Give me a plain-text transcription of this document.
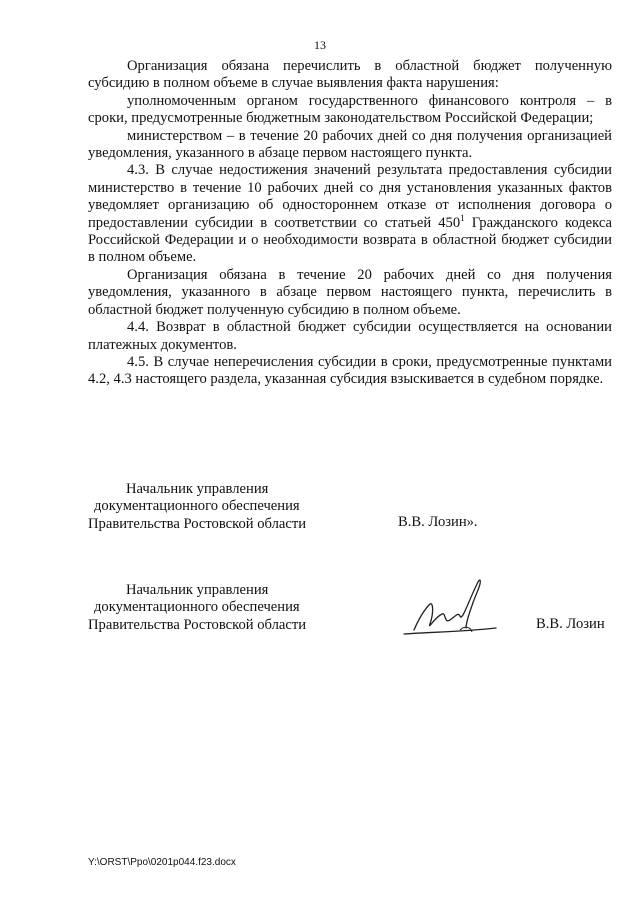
13

Организация обязана перечислить в областной бюджет полученную субсидию в полном объеме в случае выявления факта нарушения:

уполномоченным органом государственного финансового контроля – в сроки, предусмотренные бюджетным законодательством Российской Федерации;

министерством – в течение 20 рабочих дней со дня получения организацией уведомления, указанного в абзаце первом настоящего пункта.

4.3. В случае недостижения значений результата предоставления субсидии министерство в течение 10 рабочих дней со дня установления указанных фактов уведомляет организацию об одностороннем отказе от исполнения договора о предоставлении субсидии в соответствии со статьей $450^1$ Гражданского кодекса Российской Федерации и о необходимости возврата в областной бюджет субсидии в полном объеме.

Организация обязана в течение 20 рабочих дней со дня получения уведомления, указанного в абзаце первом настоящего пункта, перечислить в областной бюджет полученную субсидию в полном объеме.

4.4. Возврат в областной бюджет субсидии осуществляется на основании платежных документов.

4.5. В случае неперечисления субсидии в сроки, предусмотренные пунктами 4.2, 4.3 настоящего раздела, указанная субсидия взыскивается в судебном порядке.

Начальник управления
документационного обеспечения
Правительства Ростовской области	В.В. Лозин».
Начальник управления
документационного обеспечения
Правительства Ростовской области	В.В. Лозин
Y:\ORST\Ppo\0201p044.f23.docx
